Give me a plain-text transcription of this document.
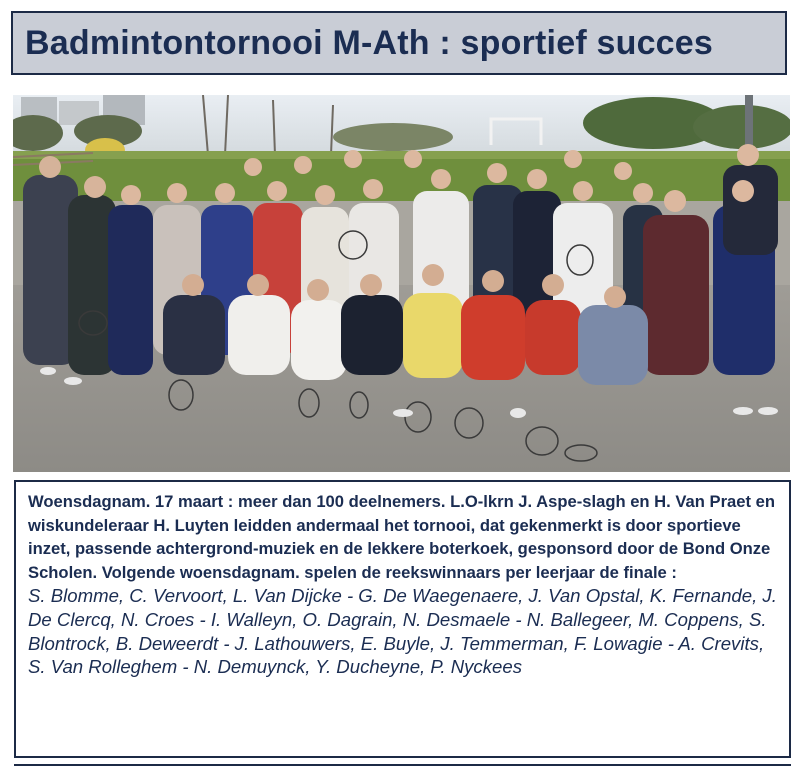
Badmintontornooi M-Ath : sportief succes

Woensdagnam. 17 maart : meer dan 100 deelnemers. L.O-lkrn J. Aspe-slagh en H. Van Praet en wiskundeleraar H. Luyten leidden andermaal het tornooi, dat gekenmerkt is door sportieve inzet, passende achtergrond-muziek en de lekkere boterkoek, gesponsord door de Bond Onze Scholen. Volgende woensdagnam. spelen de reekswinnaars per leerjaar de finale :

S. Blomme, C. Vervoort, L. Van Dijcke - G. De Waegenaere, J. Van Opstal, K. Fernande, J. De Clercq, N. Croes - I. Walleyn, O. Dagrain, N. Desmaele - N. Ballegeer, M. Coppens, S. Blontrock, B. Deweerdt - J. Lathouwers, E. Buyle, J. Temmerman, F. Lowagie - A. Crevits, S. Van Rolleghem - N. Demuynck, Y. Ducheyne, P. Nyckees
